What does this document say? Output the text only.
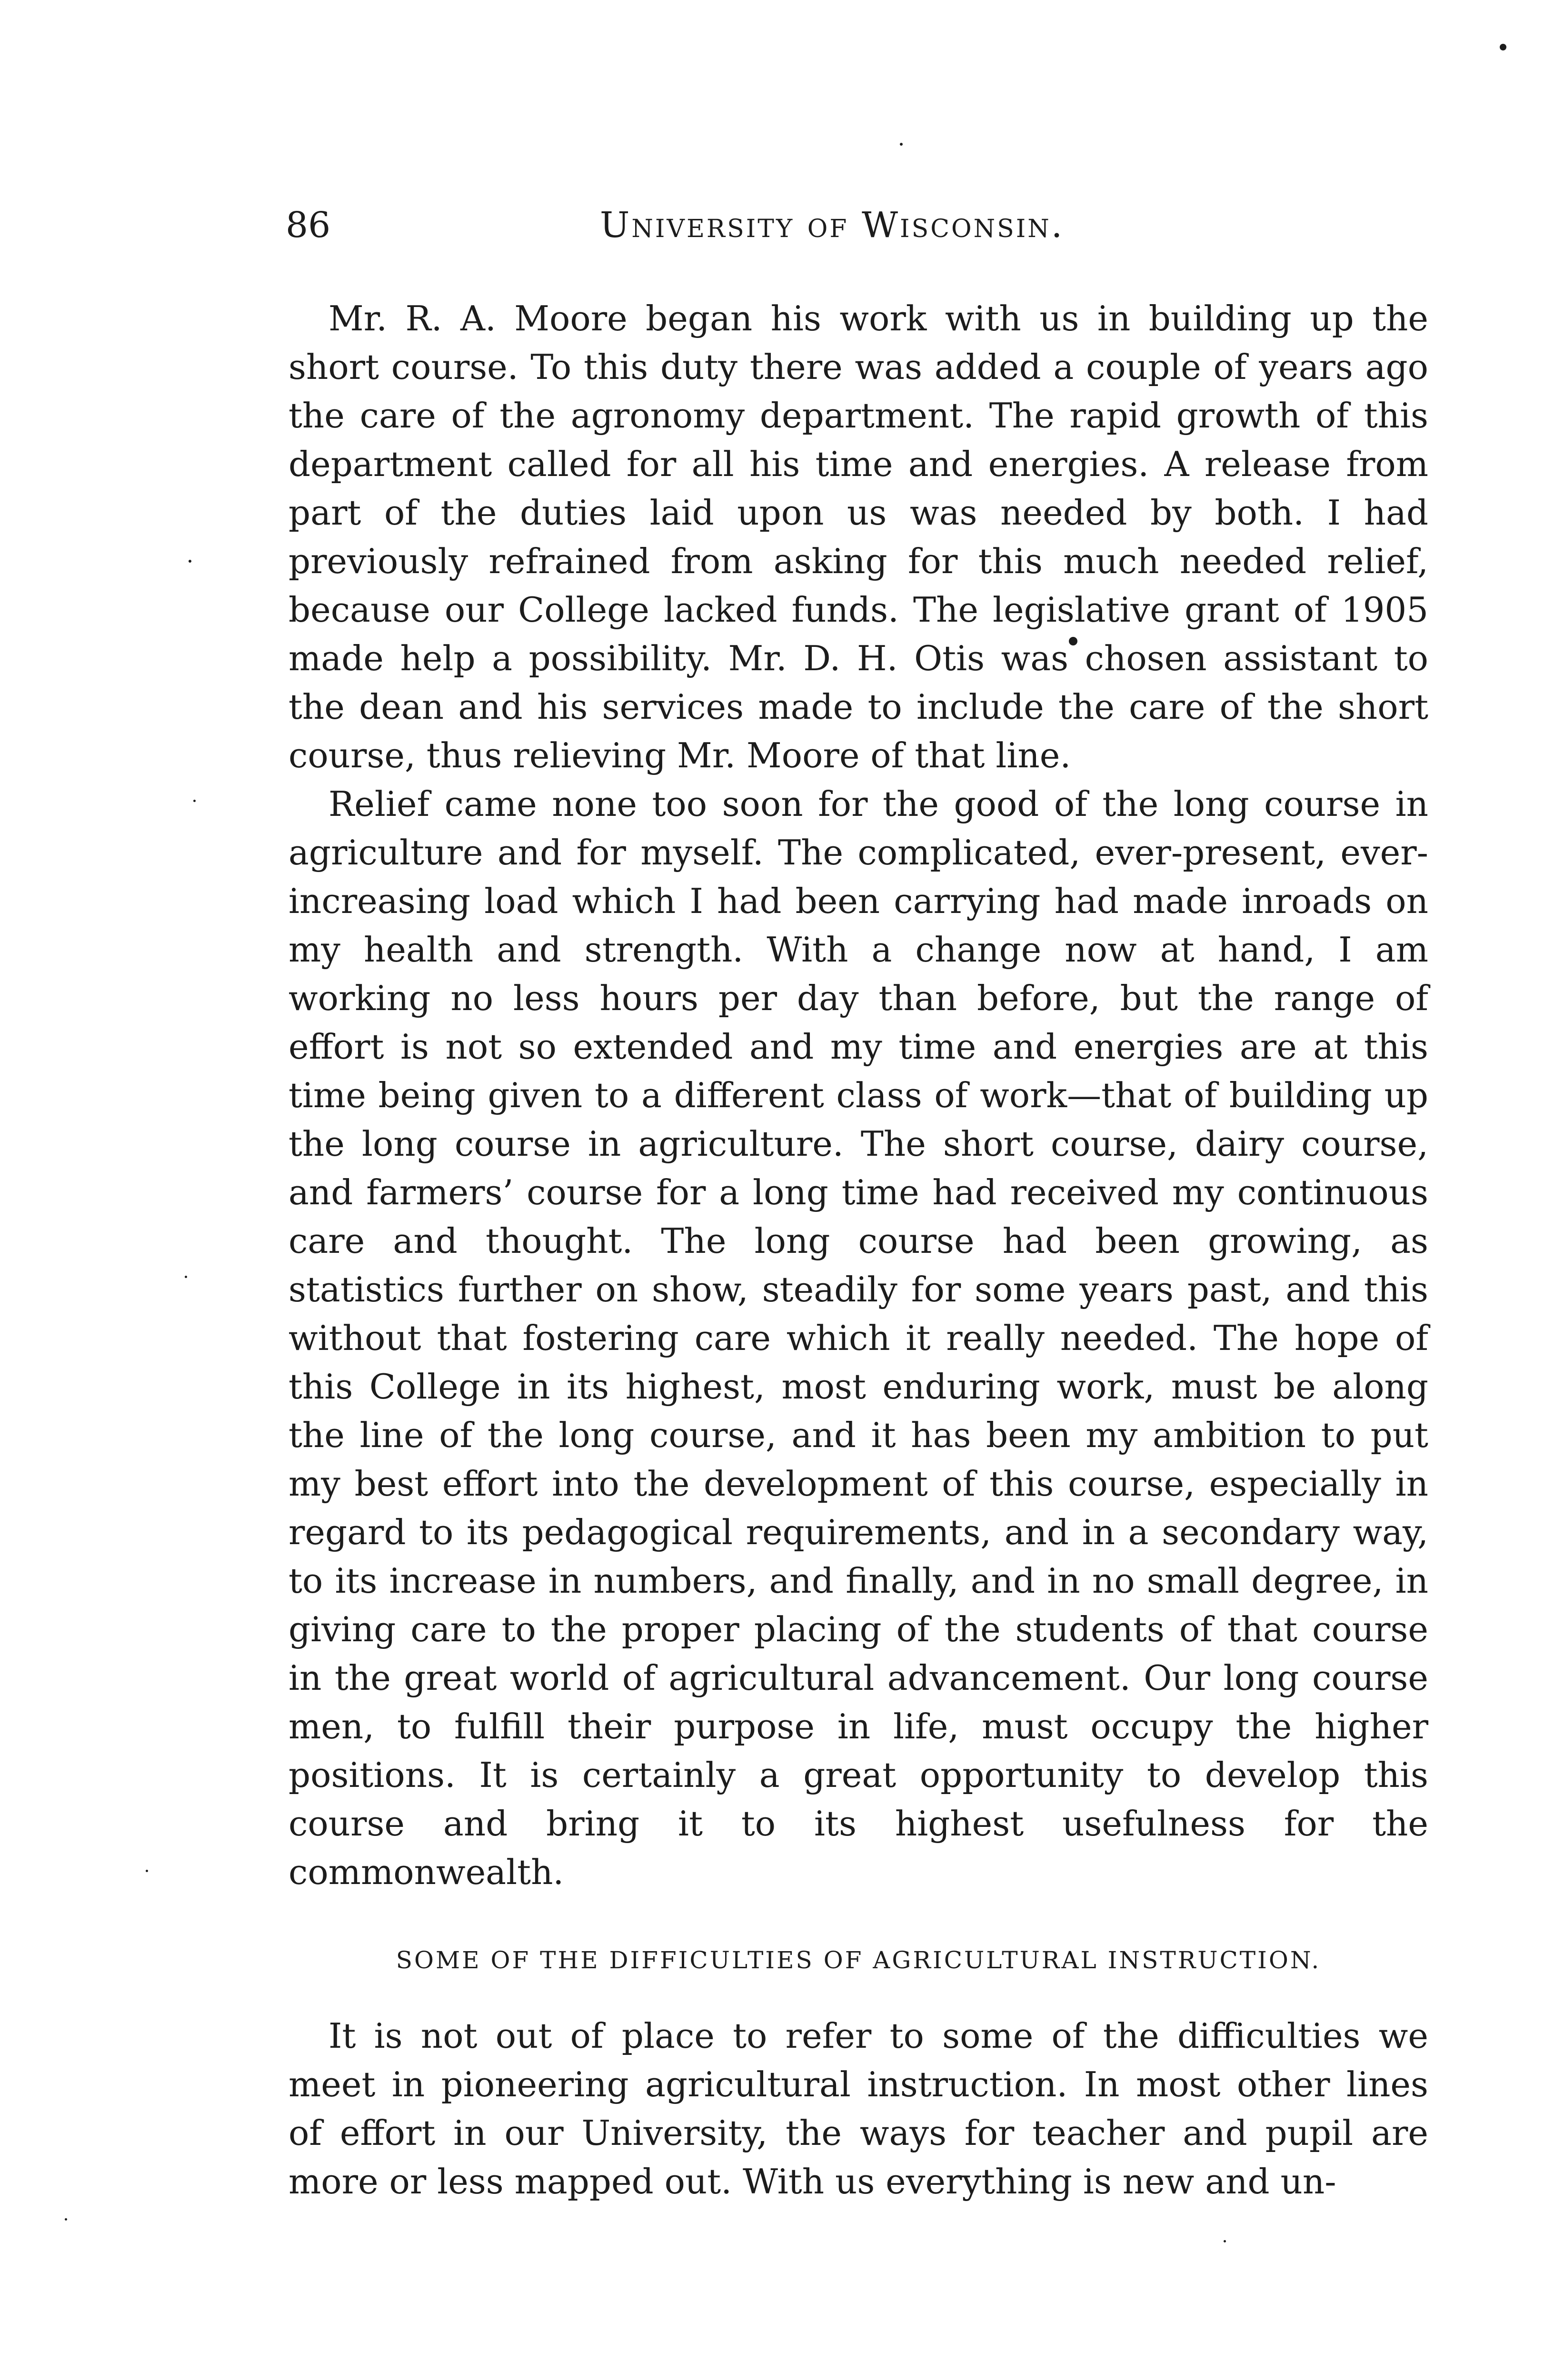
86	University of Wisconsin.

Mr. R. A. Moore began his work with us in building up the short course. To this duty there was added a couple of years ago the care of the agronomy department. The rapid growth of this department called for all his time and energies. A release from part of the duties laid upon us was needed by both. I had previously refrained from asking for this much needed relief, because our College lacked funds. The legislative grant of 1905 made help a possibility. Mr. D. H. Otis was chosen assistant to the dean and his services made to include the care of the short course, thus relieving Mr. Moore of that line.

Relief came none too soon for the good of the long course in agriculture and for myself. The complicated, ever-present, ever-increasing load which I had been carrying had made inroads on my health and strength. With a change now at hand, I am working no less hours per day than before, but the range of effort is not so extended and my time and energies are at this time being given to a different class of work—that of building up the long course in agriculture. The short course, dairy course, and farmers’ course for a long time had received my continuous care and thought. The long course had been growing, as statistics further on show, steadily for some years past, and this without that fostering care which it really needed. The hope of this College in its highest, most enduring work, must be along the line of the long course, and it has been my ambition to put my best effort into the development of this course, especially in regard to its pedagogical requirements, and in a secondary way, to its increase in numbers, and finally, and in no small degree, in giving care to the proper placing of the students of that course in the great world of agricultural advancement. Our long course men, to fulfill their purpose in life, must occupy the higher positions. It is certainly a great opportunity to develop this course and bring it to its highest usefulness for the commonwealth.

SOME OF THE DIFFICULTIES OF AGRICULTURAL INSTRUCTION.

It is not out of place to refer to some of the difficulties we meet in pioneering agricultural instruction. In most other lines of effort in our University, the ways for teacher and pupil are more or less mapped out. With us everything is new and un-
